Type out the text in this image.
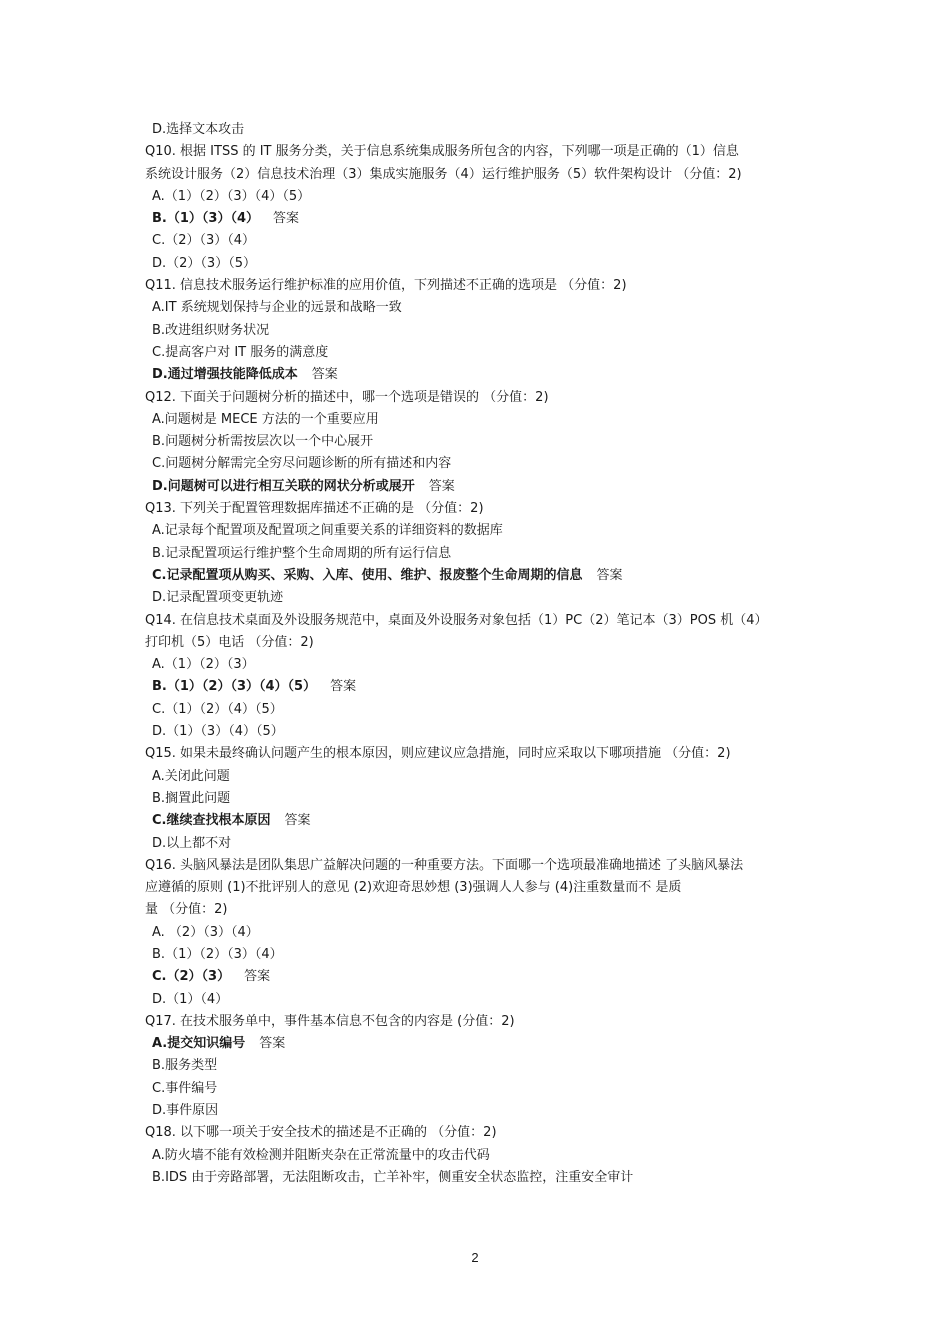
D.选择文本攻击
Q10. 根据 ITSS 的 IT 服务分类，关于信息系统集成服务所包含的内容，下列哪一项是正确的（1）信息
系统设计服务（2）信息技术治理（3）集成实施服务（4）运行维护服务（5）软件架构设计 （分值：2)
A.（1）（2）（3）（4）（5）
B.（1）（3）（4） 答案
C.（2）（3）（4）
D.（2）（3）（5）
Q11. 信息技术服务运行维护标准的应用价值，下列描述不正确的选项是 （分值：2)
A.IT 系统规划保持与企业的远景和战略一致
B.改进组织财务状况
C.提高客户对 IT 服务的满意度
D.通过增强技能降低成本 答案
Q12. 下面关于问题树分析的描述中，哪一个选项是错误的 （分值：2)
A.问题树是 MECE 方法的一个重要应用
B.问题树分析需按层次以一个中心展开
C.问题树分解需完全穷尽问题诊断的所有描述和内容
D.问题树可以进行相互关联的网状分析或展开 答案
Q13. 下列关于配置管理数据库描述不正确的是 （分值：2)
A.记录每个配置项及配置项之间重要关系的详细资料的数据库
B.记录配置项运行维护整个生命周期的所有运行信息
C.记录配置项从购买、采购、入库、使用、维护、报废整个生命周期的信息 答案
D.记录配置项变更轨迹
Q14. 在信息技术桌面及外设服务规范中，桌面及外设服务对象包括（1）PC（2）笔记本（3）POS 机（4）
打印机（5）电话 （分值：2)
A.（1）（2）（3）
B.（1）（2）（3）（4）（5） 答案
C.（1）（2）（4）（5）
D.（1）（3）（4）（5）
Q15. 如果未最终确认问题产生的根本原因，则应建议应急措施，同时应采取以下哪项措施 （分值：2)
A.关闭此问题
B.搁置此问题
C.继续查找根本原因 答案
D.以上都不对
Q16. 头脑风暴法是团队集思广益解决问题的一种重要方法。下面哪一个选项最准确地描述 了头脑风暴法
应遵循的原则 (1)不批评别人的意见 (2)欢迎奇思妙想 (3)强调人人参与 (4)注重数量而不 是质
量 （分值：2)
A. （2）（3）（4）
B.（1）（2）（3）（4）
C.（2）（3） 答案
D.（1）（4）
Q17. 在技术服务单中，事件基本信息不包含的内容是 (分值：2)
A.提交知识编号 答案
B.服务类型
C.事件编号
D.事件原因
Q18. 以下哪一项关于安全技术的描述是不正确的 （分值：2)
A.防火墙不能有效检测并阻断夹杂在正常流量中的攻击代码
B.IDS 由于旁路部署，无法阻断攻击，亡羊补牢，侧重安全状态监控，注重安全审计
2
